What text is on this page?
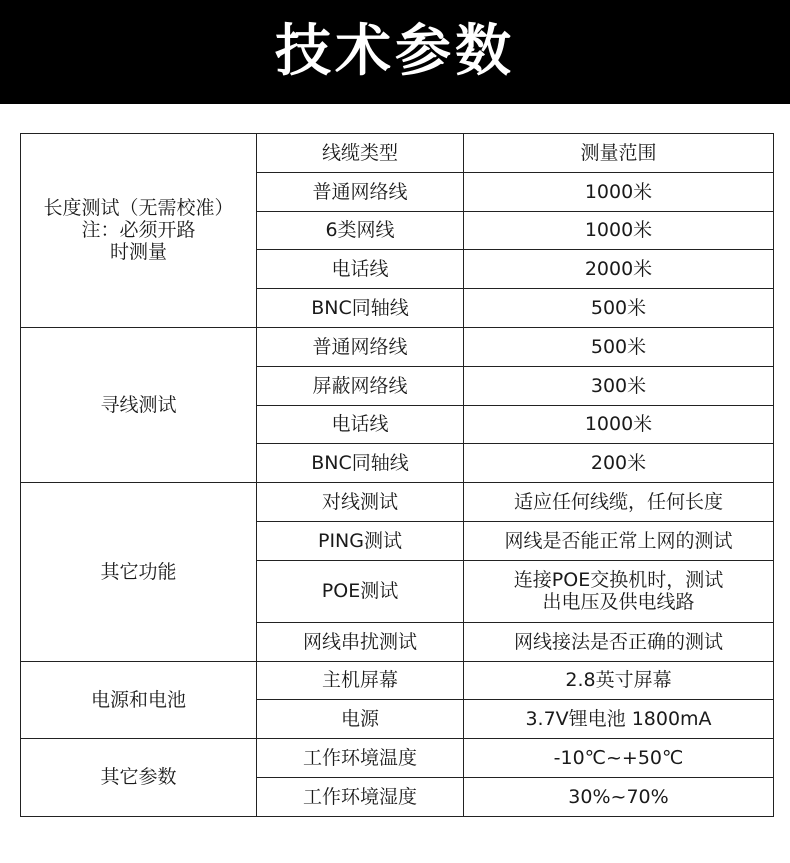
技术参数
长度测试（无需校准）
注：必须开路
时测量	线缆类型	测量范围
	普通网络线	1000米
	6类网线	1000米
	电话线	2000米
	BNC同轴线	500米
寻线测试	普通网络线	500米
	屏蔽网络线	300米
	电话线	1000米
	BNC同轴线	200米
其它功能	对线测试	适应任何线缆，任何长度
	PING测试	网线是否能正常上网的测试
	POE测试	连接POE交换机时，测试
出电压及供电线路

	网线串扰测试	网线接法是否正确的测试
电源和电池	主机屏幕	2.8英寸屏幕
	电源	3.7V锂电池 1800mA
其它参数	工作环境温度	-10℃~+50℃
	工作环境湿度	30%~70%
